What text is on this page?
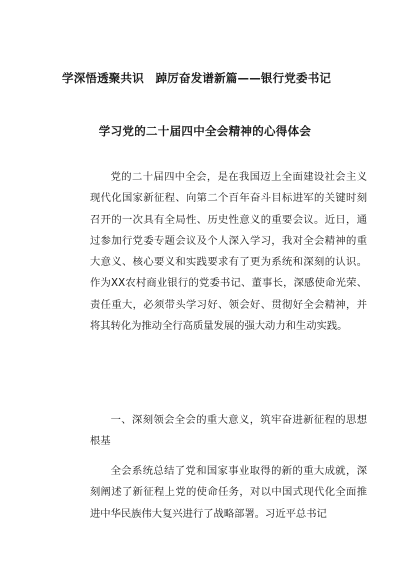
学深悟透聚共识　踔厉奋发谱新篇——银行党委书记
学习党的二十届四中全会精神的心得体会
党的二十届四中全会，是在我国迈上全面建设社会主义现代化国家新征程、向第二个百年奋斗目标进军的关键时刻召开的一次具有全局性、历史性意义的重要会议。近日，通过参加行党委专题会议及个人深入学习，我对全会精神的重大意义、核心要义和实践要求有了更为系统和深刻的认识。作为XX农村商业银行的党委书记、董事长，深感使命光荣、责任重大，必须带头学习好、领会好、贯彻好全会精神，并将其转化为推动全行高质量发展的强大动力和生动实践。
一、深刻领会全会的重大意义，筑牢奋进新征程的思想根基
全会系统总结了党和国家事业取得的新的重大成就，深刻阐述了新征程上党的使命任务，对以中国式现代化全面推进中华民族伟大复兴进行了战略部署。习近平总书记
